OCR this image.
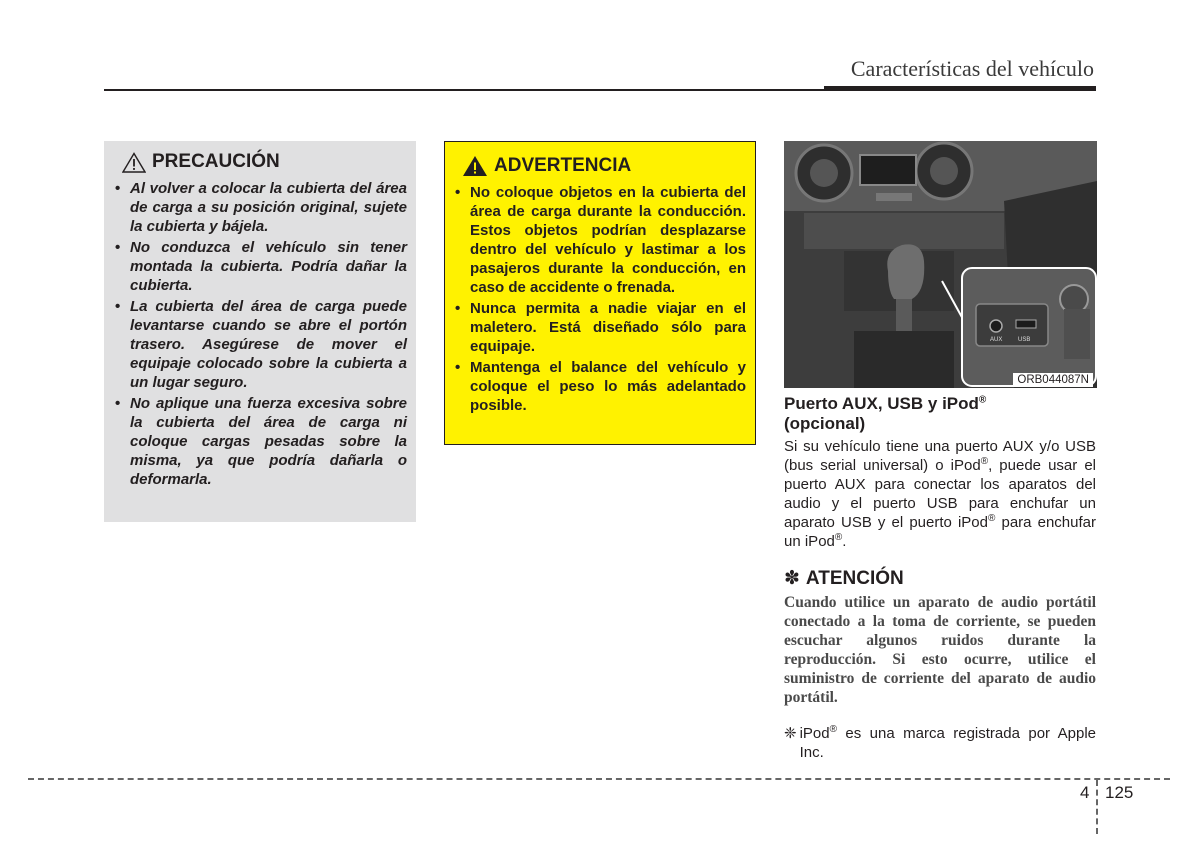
Características del vehículo
PRECAUCIÓN
• Al volver a colocar la cubierta del área de carga a su posición original, sujete la cubierta y bájela.
• No conduzca el vehículo sin tener montada la cubierta. Podría dañar la cubierta.
• La cubierta del área de carga puede levantarse cuando se abre el portón trasero. Asegúrese de mover el equipaje colocado sobre la cubierta a un lugar seguro.
• No aplique una fuerza excesiva sobre la cubierta del área de carga ni coloque cargas pesadas sobre la misma, ya que podría dañarla o deformarla.
ADVERTENCIA
• No coloque objetos en la cubierta del área de carga durante la conducción. Estos objetos podrían desplazarse dentro del vehículo y lastimar a los pasajeros durante la conducción, en caso de accidente o frenada.
• Nunca permita a nadie viajar en el maletero. Está diseñado sólo para equipaje.
• Mantenga el balance del vehículo y coloque el peso lo más adelantado posible.
AUX	USB
ORB044087N

Puerto AUX, USB y iPod®
(opcional)

Si su vehículo tiene una puerto AUX y/o USB (bus serial universal) o iPod®, puede usar el puerto AUX para conectar los aparatos del audio y el puerto USB para enchufar un aparato USB y el puerto iPod® para enchufar un iPod®.

✽ ATENCIÓN

Cuando utilice un aparato de audio portátil conectado a la toma de corriente, se pueden escuchar algunos ruidos durante la reproducción. Si esto ocurre, utilice el suministro de corriente del aparato de audio portátil.

❈ iPod® es una marca registrada por Apple Inc.
4 125
